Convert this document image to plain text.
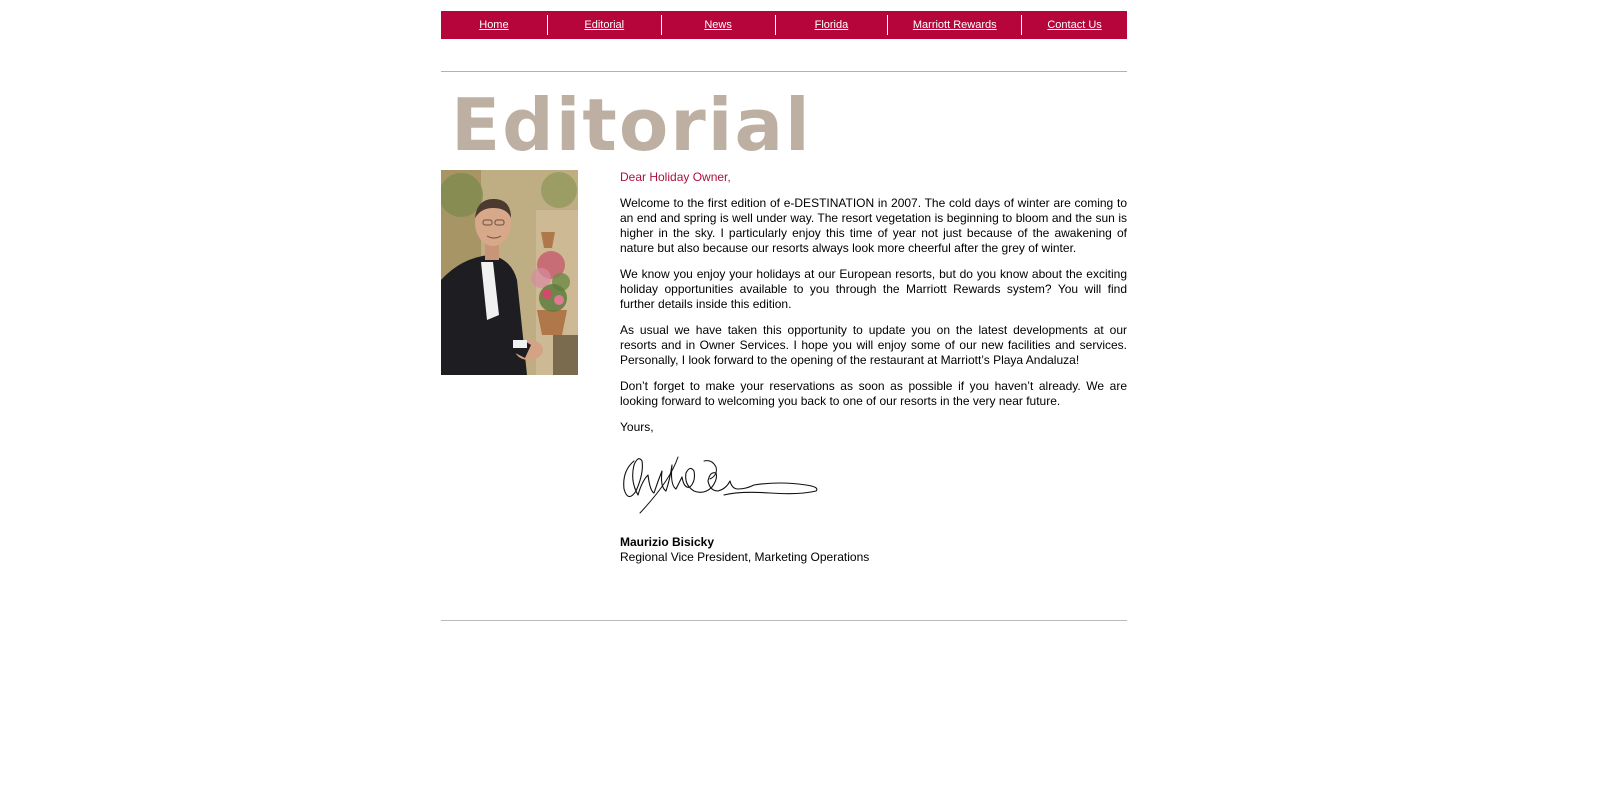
Home	Editorial	News	Florida	Marriott Rewards	Contact Us
Editorial

Dear Holiday Owner,

Welcome to the first edition of e-DESTINATION in 2007. The cold days of winter are coming to an end and spring is well under way. The resort vegetation is beginning to bloom and the sun is higher in the sky. I particularly enjoy this time of year not just because of the awakening of nature but also because our resorts always look more cheerful after the grey of winter.

We know you enjoy your holidays at our European resorts, but do you know about the exciting holiday opportunities available to you through the Marriott Rewards system? You will find further details inside this edition.

As usual we have taken this opportunity to update you on the latest developments at our resorts and in Owner Services. I hope you will enjoy some of our new facilities and services. Personally, I look forward to the opening of the restaurant at Marriott’s Playa Andaluza!

Don’t forget to make your reservations as soon as possible if you haven’t already. We are looking forward to welcoming you back to one of our resorts in the very near future.

Yours,

Maurizio Bisicky
Regional Vice President, Marketing Operations
